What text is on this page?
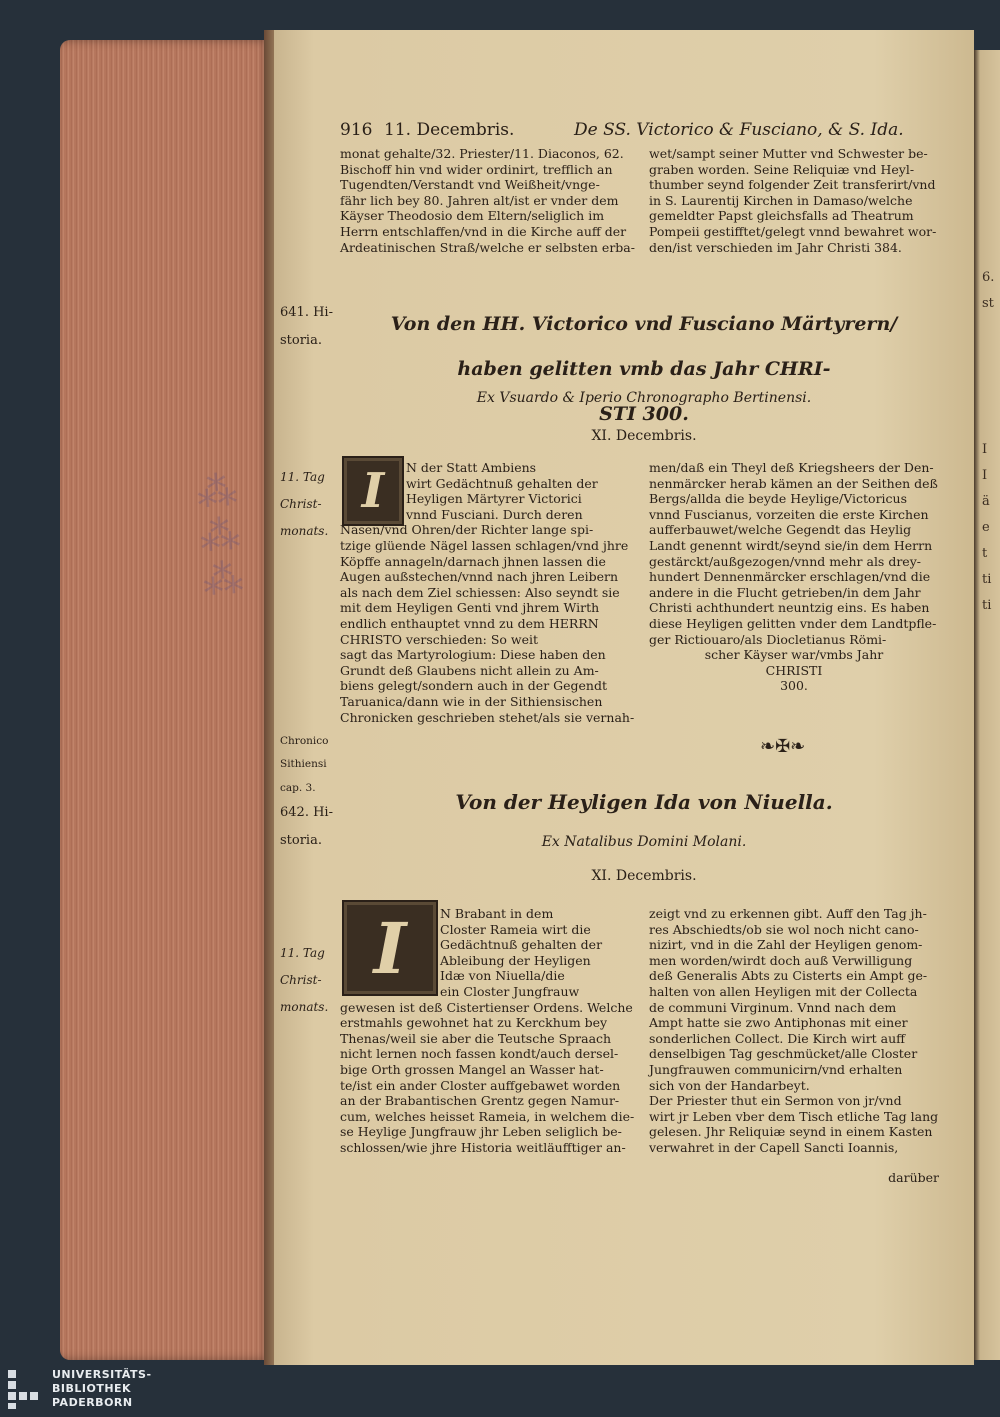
⁂
⁂
⁂
916 11. Decembris.	De SS. Victorico & Fusciano, & S. Ida.

monat gehalte/32. Priester/11. Diaconos, 62.

Bischoff hin vnd wider ordinirt, trefflich an

Tugendten/Verstandt vnd Weißheit/vnge-

fähr lich bey 80. Jahren alt/ist er vnder dem

Käyser Theodosio dem Eltern/seliglich im

Herrn entschlaffen/vnd in die Kirche auff der

Ardeatinischen Straß/welche er selbsten erba-

wet/sampt seiner Mutter vnd Schwester be-

graben worden. Seine Reliquiæ vnd Heyl-

thumber seynd folgender Zeit transferirt/vnd

in S. Laurentij Kirchen in Damaso/welche

gemeldter Papst gleichsfalls ad Theatrum

Pompeii gestifftet/gelegt vnnd bewahret wor-

den/ist verschieden im Jahr Christi 384.

641. Hi-

storia.

Von den HH. Victorico vnd Fusciano Märtyrern/

haben gelitten vmb das Jahr CHRI-

STI 300.

Ex Vsuardo & Iperio Chronographo Bertinensi.
XI. Decembris.

11. Tag

Christ-

monats.

I	N der Statt Ambiens

wirt Gedächtnuß gehalten der

Heyligen Märtyrer Victorici

vnnd Fusciani. Durch deren

Nasen/vnd Ohren/der Richter lange spi-

tzige glüende Nägel lassen schlagen/vnd jhre

Köpffe annageln/darnach jhnen lassen die

Augen außstechen/vnnd nach jhren Leibern

als nach dem Ziel schiessen: Also seyndt sie

mit dem Heyligen Genti vnd jhrem Wirth

endlich enthauptet vnnd zu dem HERRN

CHRISTO verschieden: So weit

sagt das Martyrologium: Diese haben den

Grundt deß Glaubens nicht allein zu Am-

biens gelegt/sondern auch in der Gegendt

Taruanica/dann wie in der Sithiensischen

Chronicken geschrieben stehet/als sie vernah-

men/daß ein Theyl deß Kriegsheers der Den-

nenmärcker herab kämen an der Seithen deß

Bergs/allda die beyde Heylige/Victoricus

vnnd Fuscianus, vorzeiten die erste Kirchen

aufferbauwet/welche Gegendt das Heylig

Landt genennt wirdt/seynd sie/in dem Herrn

gestärckt/außgezogen/vnnd mehr als drey-

hundert Dennenmärcker erschlagen/vnd die

andere in die Flucht getrieben/in dem Jahr

Christi achthundert neuntzig eins. Es haben

diese Heyligen gelitten vnder dem Landtpfle-

ger Rictiouaro/als Diocletianus Römi-

scher Käyser war/vmbs Jahr

CHRISTI

300.

Chronico

Sithiensi

cap. 3.

❧✠❧

642. Hi-

storia.

Von der Heyligen Ida von Niuella.
Ex Natalibus Domini Molani.
XI. Decembris.

11. Tag

Christ-

monats.

I	N Brabant in dem

Closter Rameia wirt die

Gedächtnuß gehalten der

Ableibung der Heyligen

Idæ von Niuella/die

ein Closter Jungfrauw

gewesen ist deß Cistertienser Ordens. Welche

erstmahls gewohnet hat zu Kerckhum bey

Thenas/weil sie aber die Teutsche Spraach

nicht lernen noch fassen kondt/auch dersel-

bige Orth grossen Mangel an Wasser hat-

te/ist ein ander Closter auffgebawet worden

an der Brabantischen Grentz gegen Namur-

cum, welches heisset Rameia, in welchem die-

se Heylige Jungfrauw jhr Leben seliglich be-

schlossen/wie jhre Historia weitläufftiger an-

zeigt vnd zu erkennen gibt. Auff den Tag jh-

res Abschiedts/ob sie wol noch nicht cano-

nizirt, vnd in die Zahl der Heyligen genom-

men worden/wirdt doch auß Verwilligung

deß Generalis Abts zu Cisterts ein Ampt ge-

halten von allen Heyligen mit der Collecta

de communi Virginum. Vnnd nach dem

Ampt hatte sie zwo Antiphonas mit einer

sonderlichen Collect. Die Kirch wirt auff

denselbigen Tag geschmücket/alle Closter

Jungfrauwen communicirn/vnd erhalten

sich von der Handarbeyt.

Der Priester thut ein Sermon von jr/vnd

wirt jr Leben vber dem Tisch etliche Tag lang

gelesen. Jhr Reliquiæ seynd in einem Kasten

verwahret in der Capell Sancti Ioannis,

darüber
6.
st
I
I
ä
e
t
ti
ti
UNIVERSITÄTS-
BIBLIOTHEK
PADERBORN
